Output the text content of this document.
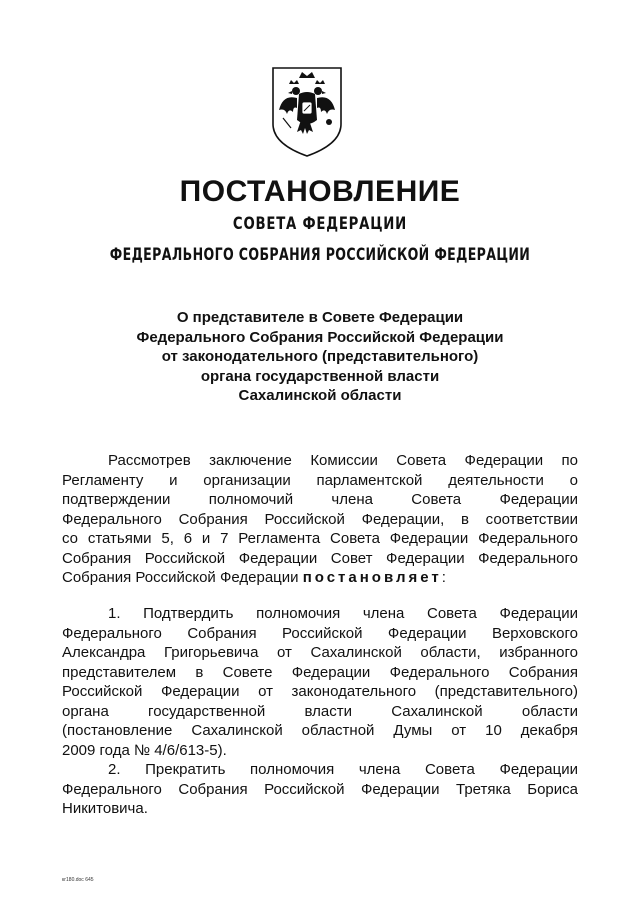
ПОСТАНОВЛЕНИЕ
СОВЕТА ФЕДЕРАЦИИ
ФЕДЕРАЛЬНОГО СОБРАНИЯ РОССИЙСКОЙ ФЕДЕРАЦИИ
О представителе в Совете Федерации
Федерального Собрания Российской Федерации
от законодательного (представительного)
органа государственной власти
Сахалинской области
Рассмотрев заключение Комиссии Совета Федерации по
Регламенту и организации парламентской деятельности о
подтверждении полномочий члена Совета Федерации
Федерального Собрания Российской Федерации, в соответствии
со статьями 5, 6 и 7 Регламента Совета Федерации Федерального
Собрания Российской Федерации Совет Федерации Федерального
Собрания Российской Федерации постановляет:
1. Подтвердить полномочия члена Совета Федерации
Федерального Собрания Российской Федерации Верховского
Александра Григорьевича от Сахалинской области, избранного
представителем в Совете Федерации Федерального Собрания
Российской Федерации от законодательного (представительного)
органа государственной власти Сахалинской области
(постановление Сахалинской областной Думы от 10 декабря
2009 года № 4/6/613-5).
2. Прекратить полномочия члена Совета Федерации
Федерального Собрания Российской Федерации Третяка Бориса
Никитовича.
кг180.doc 645
